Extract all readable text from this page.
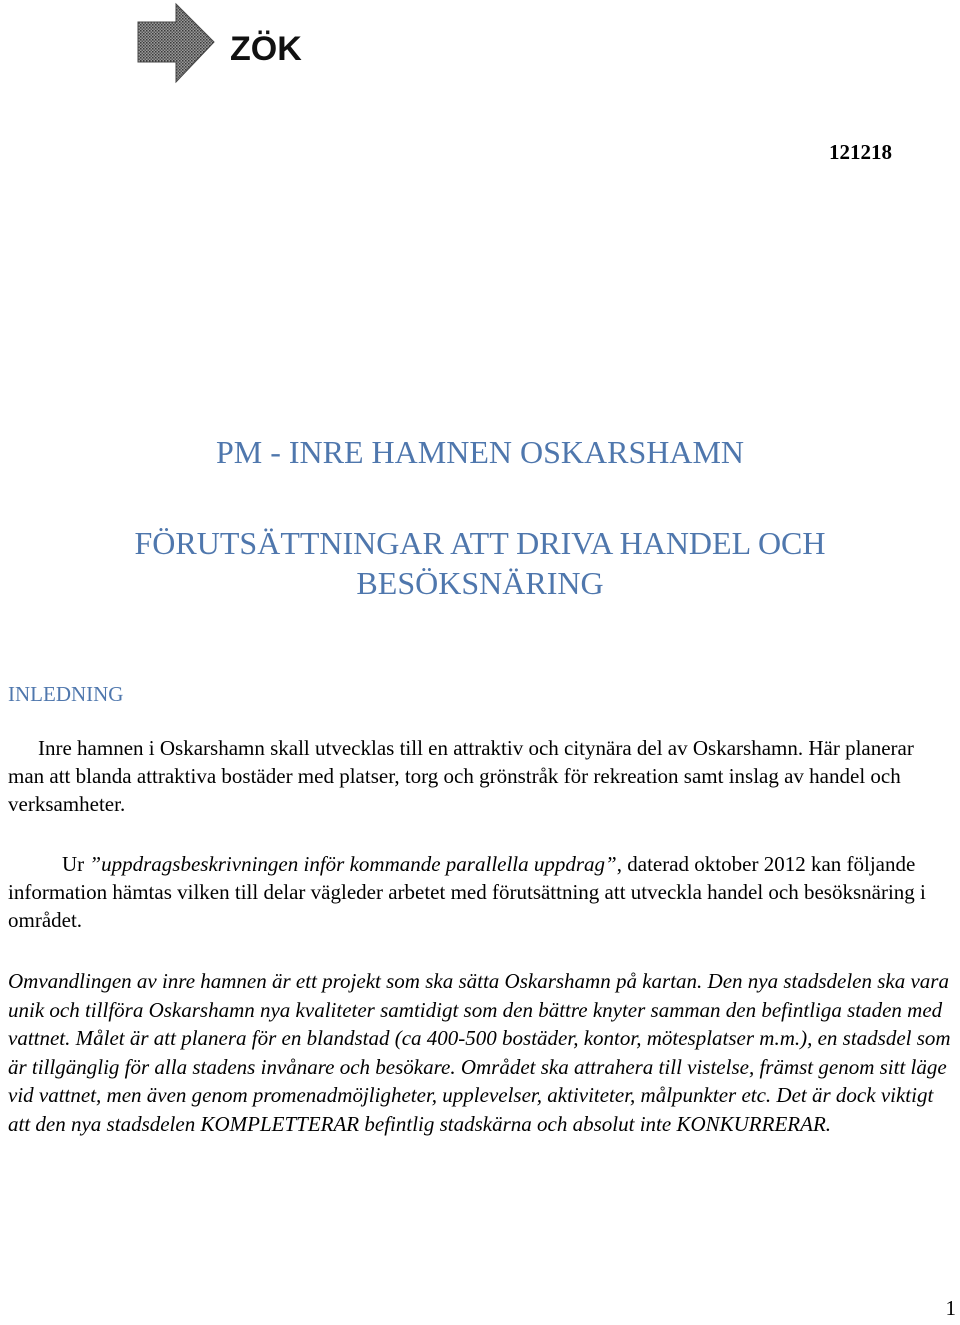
ZÖK
121218
PM - INRE HAMNEN OSKARSHAMN
FÖRUTSÄTTNINGAR ATT DRIVA HANDEL OCH
BESÖKSNÄRING
INLEDNING

Inre hamnen i Oskarshamn skall utvecklas till en attraktiv och citynära del av Oskarshamn. Här planerar man att blanda attraktiva bostäder med platser, torg och grönstråk för rekreation samt inslag av handel och verksamheter.

Ur ”uppdragsbeskrivningen inför kommande parallella uppdrag”, daterad oktober 2012 kan följande information hämtas vilken till delar vägleder arbetet med förutsättning att utveckla handel och besöksnäring i området.

Omvandlingen av inre hamnen är ett projekt som ska sätta Oskarshamn på kartan. Den nya stadsdelen ska vara unik och tillföra Oskarshamn nya kvaliteter samtidigt som den bättre knyter samman den befintliga staden med vattnet. Målet är att planera för en blandstad (ca 400-500 bostäder, kontor, mötesplatser m.m.), en stadsdel som är tillgänglig för alla stadens invånare och besökare. Området ska attrahera till vistelse, främst genom sitt läge vid vattnet, men även genom promenadmöjligheter, upplevelser, aktiviteter, målpunkter etc. Det är dock viktigt att den nya stadsdelen KOMPLETTERAR befintlig stadskärna och absolut inte KONKURRERAR.

1
